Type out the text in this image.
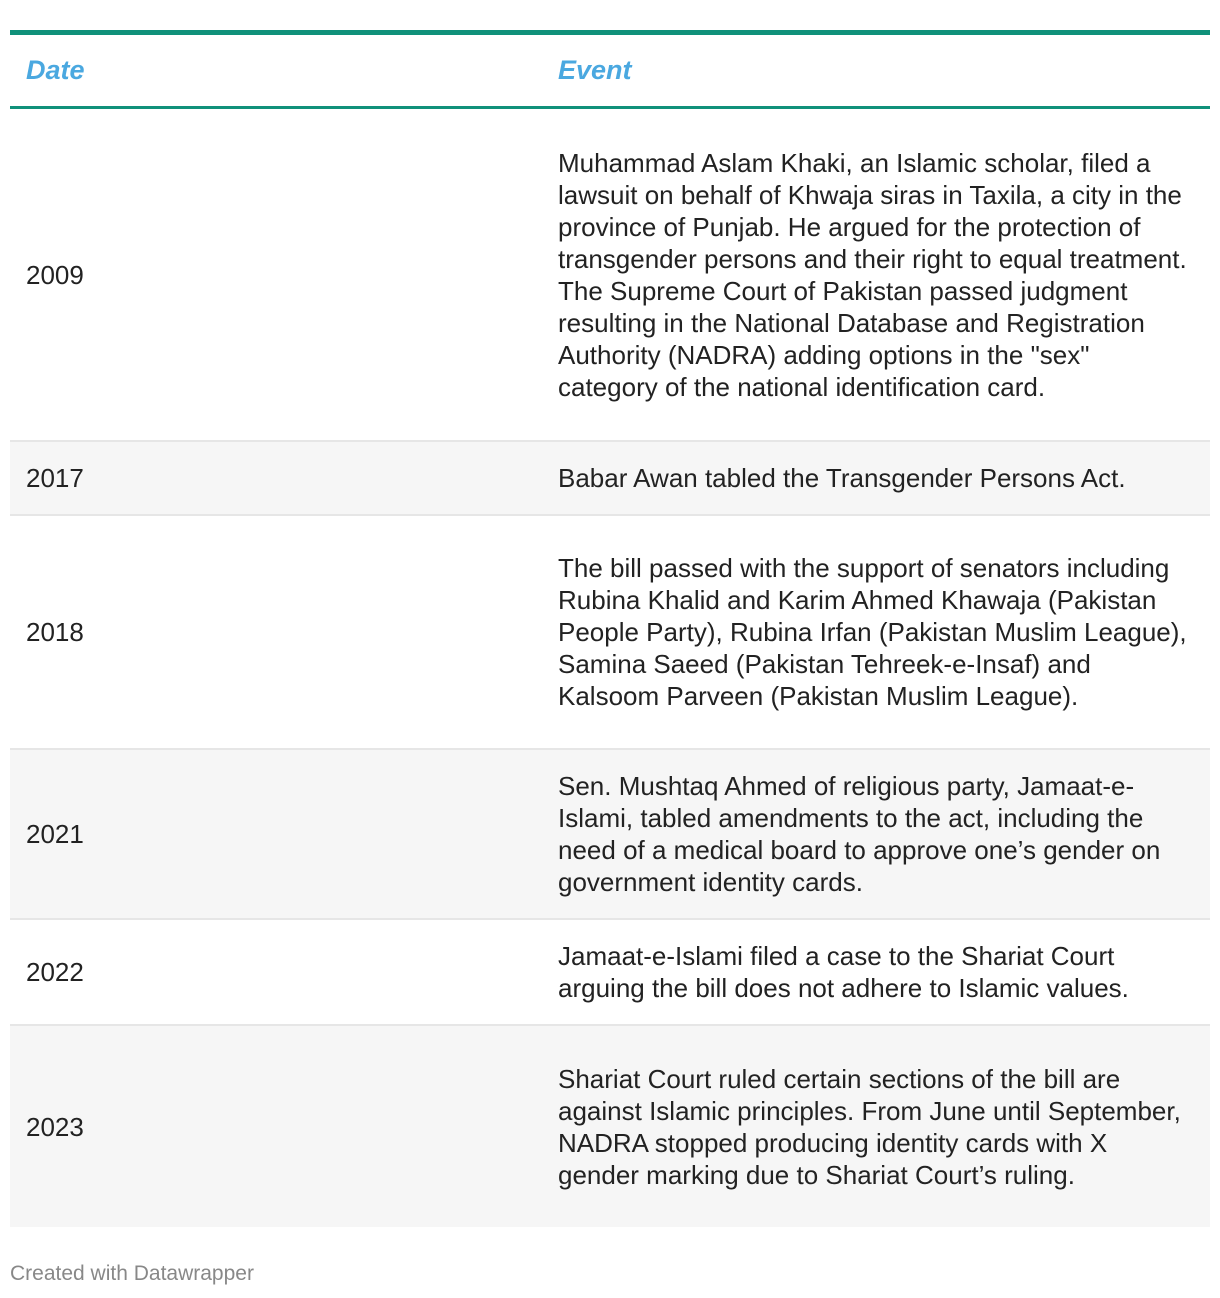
Date	Event
2009
Muhammad Aslam Khaki, an Islamic scholar, filed a lawsuit on behalf of Khwaja siras in Taxila, a city in the province of Punjab. He argued for the protection of transgender persons and their right to equal treatment. The Supreme Court of Pakistan passed judgment resulting in the National Database and Registration Authority (NADRA) adding options in the "sex" category of the national identification card.
2017	Babar Awan tabled the Transgender Persons Act.
2018
The bill passed with the support of senators including Rubina Khalid and Karim Ahmed Khawaja (Pakistan People Party), Rubina Irfan (Pakistan Muslim League), Samina Saeed (Pakistan Tehreek-e-Insaf) and Kalsoom Parveen (Pakistan Muslim League).
2021
Sen. Mushtaq Ahmed of religious party, Jamaat-e-Islami, tabled amendments to the act, including the need of a medical board to approve one’s gender on government identity cards.
2022
Jamaat-e-Islami filed a case to the Shariat Court arguing the bill does not adhere to Islamic values.
2023
Shariat Court ruled certain sections of the bill are against Islamic principles. From June until September, NADRA stopped producing identity cards with X gender marking due to Shariat Court’s ruling.
Created with Datawrapper
